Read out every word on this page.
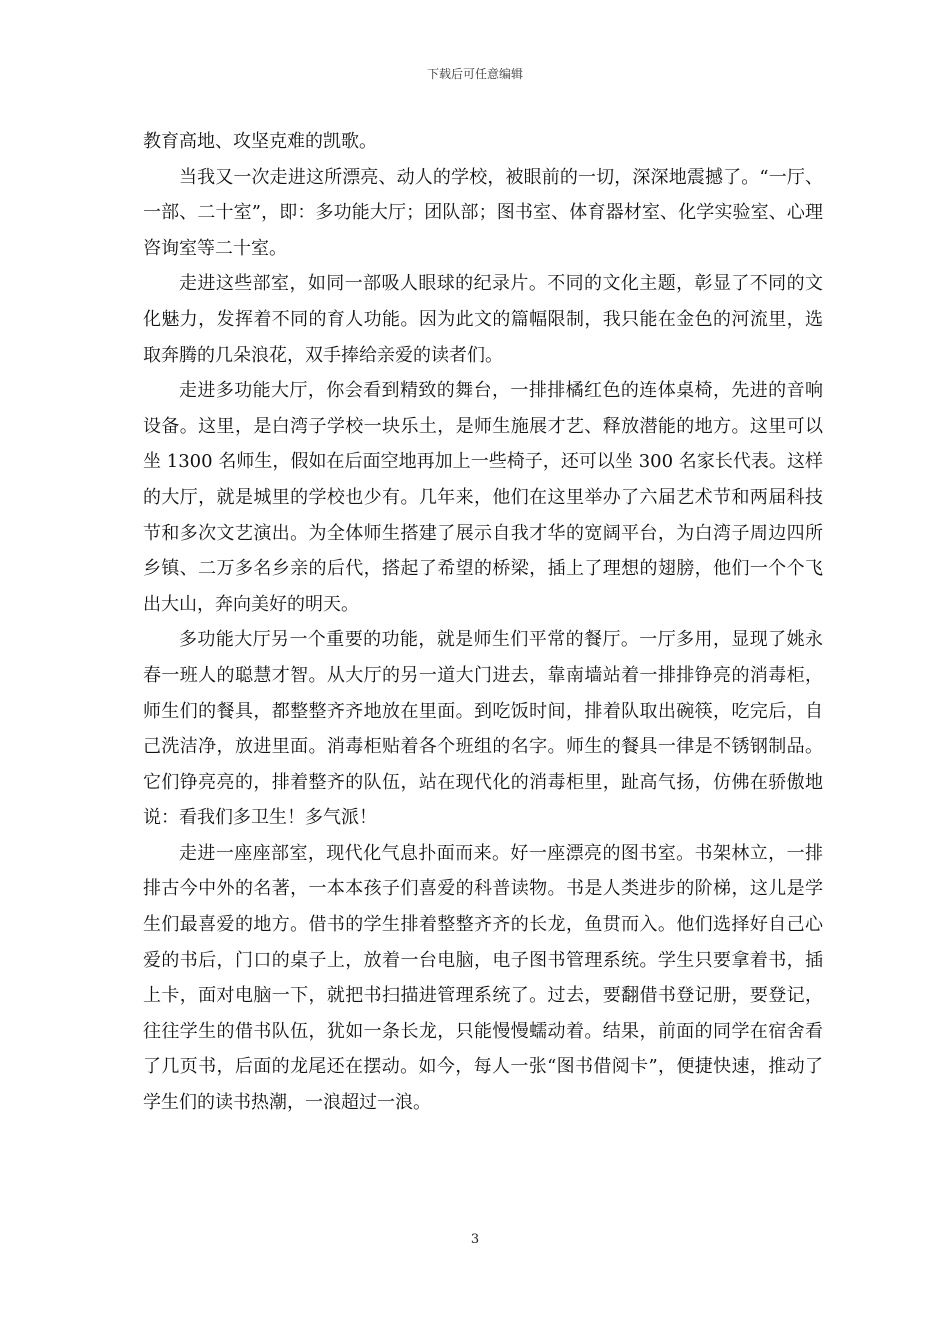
下载后可任意编辑

教育高地、攻坚克难的凯歌。

当我又一次走进这所漂亮、动人的学校，被眼前的一切，深深地震撼了。“一厅、一部、二十室”，即：多功能大厅；团队部；图书室、体育器材室、化学实验室、心理咨询室等二十室。

走进这些部室，如同一部吸人眼球的纪录片。不同的文化主题，彰显了不同的文化魅力，发挥着不同的育人功能。因为此文的篇幅限制，我只能在金色的河流里，选取奔腾的几朵浪花，双手捧给亲爱的读者们。

走进多功能大厅，你会看到精致的舞台，一排排橘红色的连体桌椅，先进的音响设备。这里，是白湾子学校一块乐土，是师生施展才艺、释放潜能的地方。这里可以坐 1300 名师生，假如在后面空地再加上一些椅子，还可以坐 300 名家长代表。这样的大厅，就是城里的学校也少有。几年来，他们在这里举办了六届艺术节和两届科技节和多次文艺演出。为全体师生搭建了展示自我才华的宽阔平台，为白湾子周边四所乡镇、二万多名乡亲的后代，搭起了希望的桥梁，插上了理想的翅膀，他们一个个飞出大山，奔向美好的明天。

多功能大厅另一个重要的功能，就是师生们平常的餐厅。一厅多用，显现了姚永春一班人的聪慧才智。从大厅的另一道大门进去，靠南墙站着一排排铮亮的消毒柜，师生们的餐具，都整整齐齐地放在里面。到吃饭时间，排着队取出碗筷，吃完后，自己洗洁净，放进里面。消毒柜贴着各个班组的名字。师生的餐具一律是不锈钢制品。它们铮亮亮的，排着整齐的队伍，站在现代化的消毒柜里，趾高气扬，仿佛在骄傲地说：看我们多卫生！多气派！

走进一座座部室，现代化气息扑面而来。好一座漂亮的图书室。书架林立，一排排古今中外的名著，一本本孩子们喜爱的科普读物。书是人类进步的阶梯，这儿是学生们最喜爱的地方。借书的学生排着整整齐齐的长龙，鱼贯而入。他们选择好自己心爱的书后，门口的桌子上，放着一台电脑，电子图书管理系统。学生只要拿着书，插上卡，面对电脑一下，就把书扫描进管理系统了。过去，要翻借书登记册，要登记，往往学生的借书队伍，犹如一条长龙，只能慢慢蠕动着。结果，前面的同学在宿舍看了几页书，后面的龙尾还在摆动。如今，每人一张“图书借阅卡”，便捷快速，推动了学生们的读书热潮，一浪超过一浪。

3
